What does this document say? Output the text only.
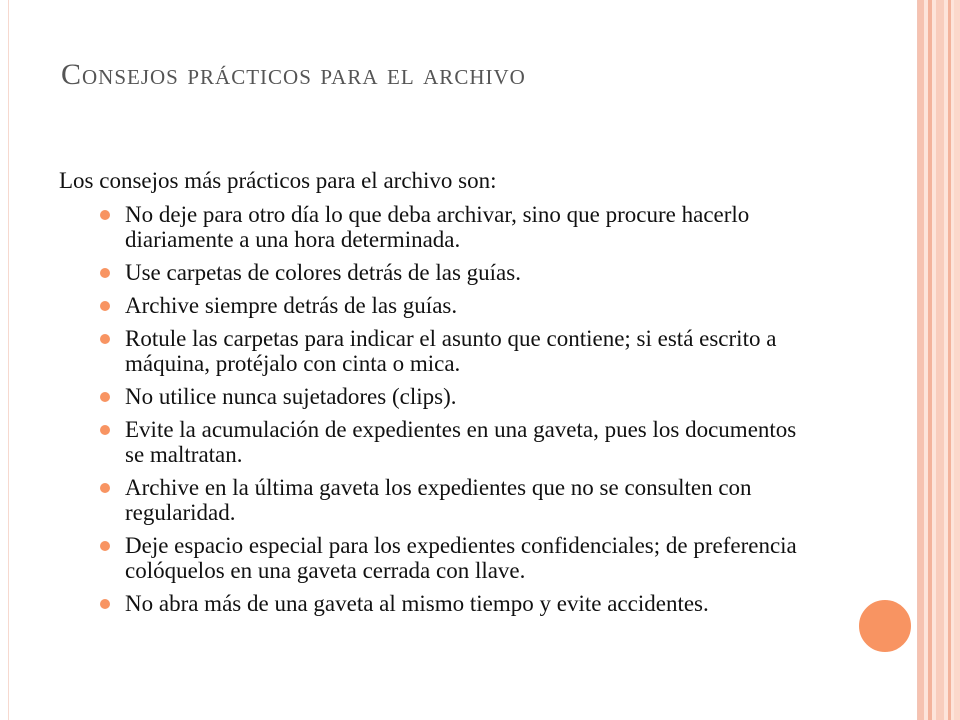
Consejos prácticos para el archivo

Los consejos más prácticos para el archivo son:

No deje para otro día lo que deba archivar, sino que procure hacerlo diariamente a una hora determinada.
Use carpetas de colores detrás de las guías.
Archive siempre detrás de las guías.
Rotule las carpetas para indicar el asunto que contiene; si está escrito a máquina, protéjalo con cinta o mica.
No utilice nunca sujetadores (clips).
Evite la acumulación de expedientes en una gaveta, pues los documentos se maltratan.
Archive en la última gaveta los expedientes que no se consulten con regularidad.
Deje espacio especial para los expedientes confidenciales; de preferencia colóquelos en una gaveta cerrada con llave.
No abra más de una gaveta al mismo tiempo y evite accidentes.
